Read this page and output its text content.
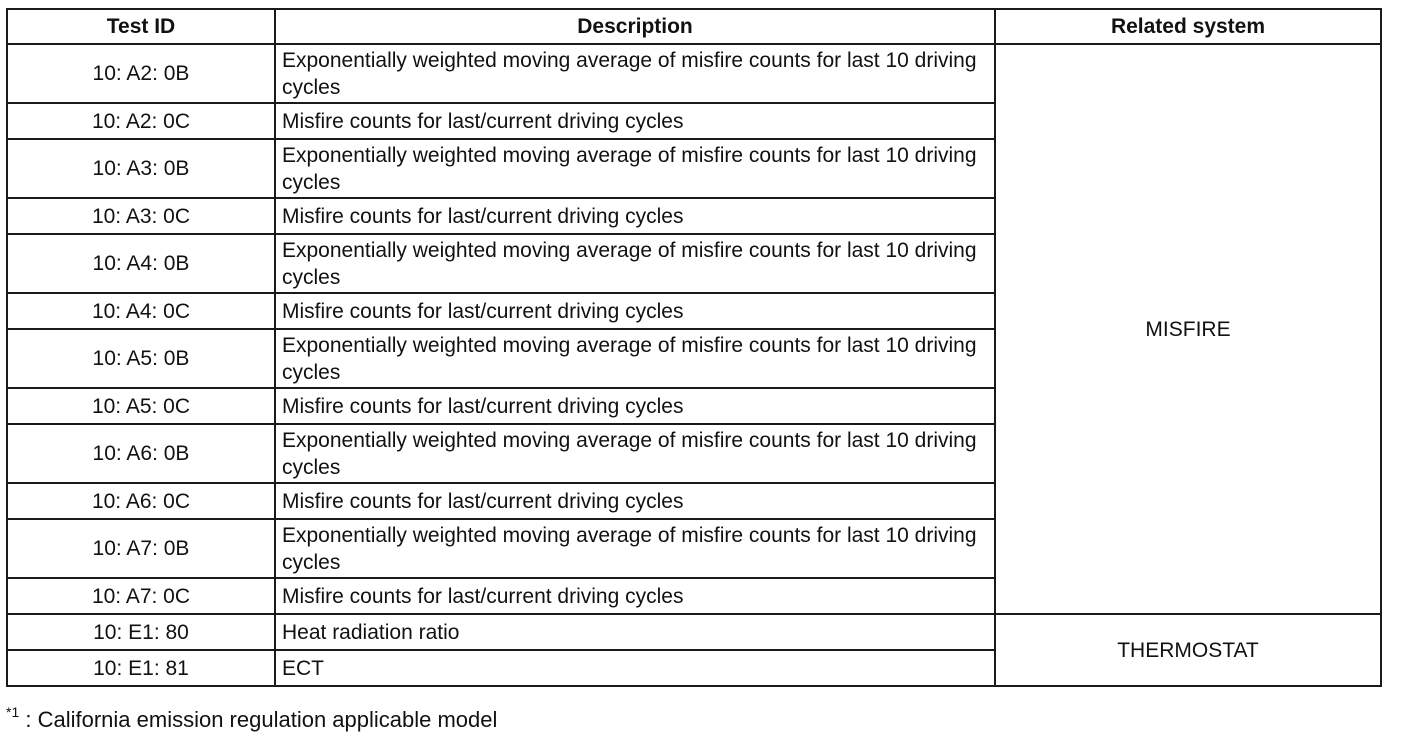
Test ID	Description	Related system
10: A2: 0B	Exponentially weighted moving average of misfire counts for last 10 driving cycles	MISFIRE
10: A2: 0C	Misfire counts for last/current driving cycles	
10: A3: 0B	Exponentially weighted moving average of misfire counts for last 10 driving cycles	
10: A3: 0C	Misfire counts for last/current driving cycles	
10: A4: 0B	Exponentially weighted moving average of misfire counts for last 10 driving cycles	
10: A4: 0C	Misfire counts for last/current driving cycles	
10: A5: 0B	Exponentially weighted moving average of misfire counts for last 10 driving cycles	
10: A5: 0C	Misfire counts for last/current driving cycles	
10: A6: 0B	Exponentially weighted moving average of misfire counts for last 10 driving cycles	
10: A6: 0C	Misfire counts for last/current driving cycles	
10: A7: 0B	Exponentially weighted moving average of misfire counts for last 10 driving cycles	
10: A7: 0C	Misfire counts for last/current driving cycles	
10: E1: 80	Heat radiation ratio	THERMOSTAT
10: E1: 81	ECT	
$^{*1}$ : California emission regulation applicable model
